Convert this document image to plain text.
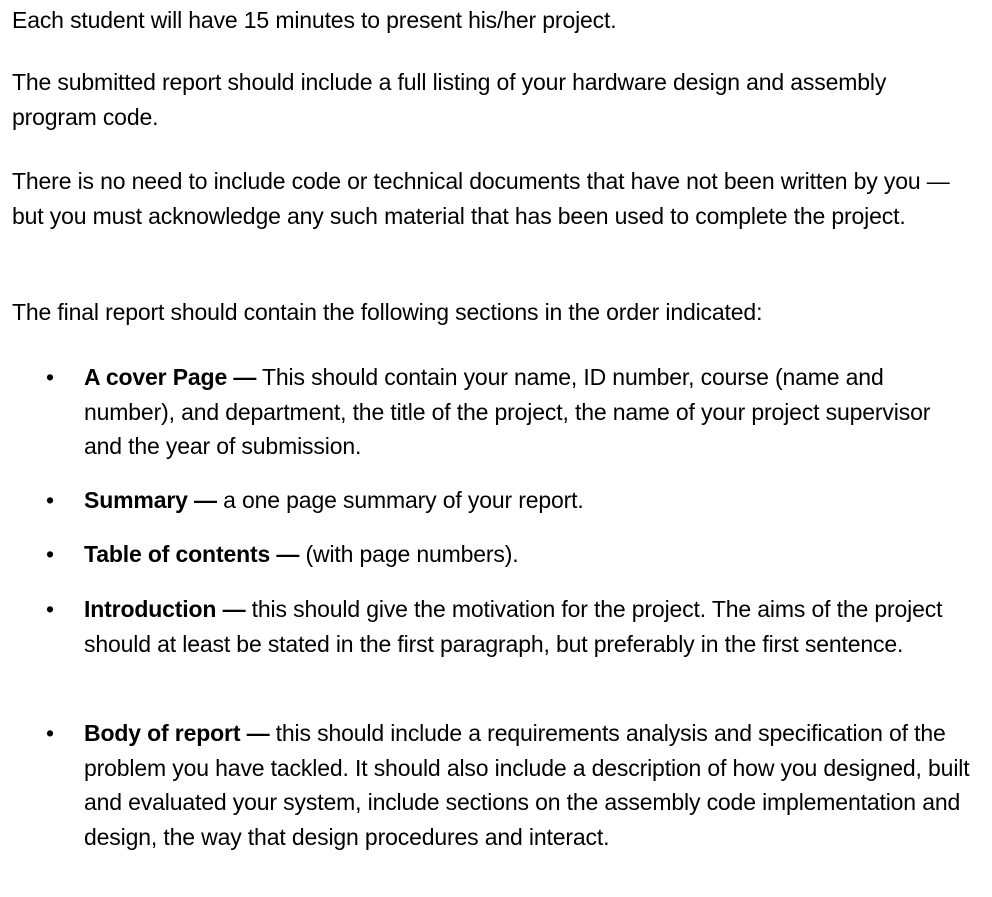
Each student will have 15 minutes to present his/her project.

The submitted report should include a full listing of your hardware design and assembly program code.

There is no need to include code or technical documents that have not been written by you — but you must acknowledge any such material that has been used to complete the project.

The final report should contain the following sections in the order indicated:

• A cover Page — This should contain your name, ID number, course (name and number), and department, the title of the project, the name of your project supervisor and the year of submission.
• Summary — a one page summary of your report.
• Table of contents — (with page numbers).
• Introduction — this should give the motivation for the project. The aims of the project should at least be stated in the first paragraph, but preferably in the first sentence.
• Body of report — this should include a requirements analysis and specification of the problem you have tackled. It should also include a description of how you designed, built and evaluated your system, include sections on the assembly code implementation and design, the way that design procedures and interact.
